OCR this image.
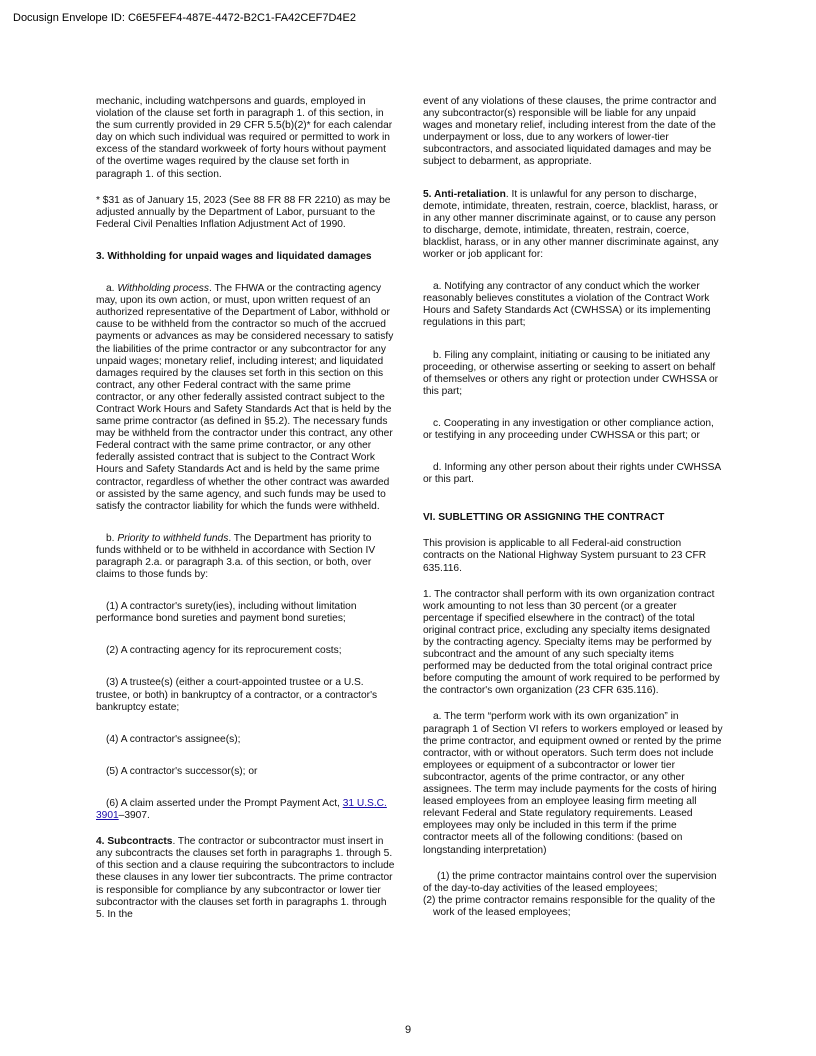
Docusign Envelope ID: C6E5FEF4-487E-4472-B2C1-FA42CEF7D4E2

mechanic, including watchpersons and guards, employed in violation of the clause set forth in paragraph 1. of this section, in the sum currently provided in 29 CFR 5.5(b)(2)* for each calendar day on which such individual was required or permitted to work in excess of the standard workweek of forty hours without payment of the overtime wages required by the clause set forth in paragraph 1. of this section.

* $31 as of January 15, 2023 (See 88 FR 88 FR 2210) as may be adjusted annually by the Department of Labor, pursuant to the Federal Civil Penalties Inflation Adjustment Act of 1990.

3. Withholding for unpaid wages and liquidated damages

a. Withholding process. The FHWA or the contracting agency may, upon its own action, or must, upon written request of an authorized representative of the Department of Labor, withhold or cause to be withheld from the contractor so much of the accrued payments or advances as may be considered necessary to satisfy the liabilities of the prime contractor or any subcontractor for any unpaid wages; monetary relief, including interest; and liquidated damages required by the clauses set forth in this section on this contract, any other Federal contract with the same prime contractor, or any other federally assisted contract subject to the Contract Work Hours and Safety Standards Act that is held by the same prime contractor (as defined in §5.2). The necessary funds may be withheld from the contractor under this contract, any other Federal contract with the same prime contractor, or any other federally assisted contract that is subject to the Contract Work Hours and Safety Standards Act and is held by the same prime contractor, regardless of whether the other contract was awarded or assisted by the same agency, and such funds may be used to satisfy the contractor liability for which the funds were withheld.

b. Priority to withheld funds. The Department has priority to funds withheld or to be withheld in accordance with Section IV paragraph 2.a. or paragraph 3.a. of this section, or both, over claims to those funds by:

(1) A contractor's surety(ies), including without limitation performance bond sureties and payment bond sureties;

(2) A contracting agency for its reprocurement costs;

(3) A trustee(s) (either a court-appointed trustee or a U.S. trustee, or both) in bankruptcy of a contractor, or a contractor's bankruptcy estate;

(4) A contractor's assignee(s);

(5) A contractor's successor(s); or

(6) A claim asserted under the Prompt Payment Act, 31 U.S.C. 3901–3907.

4. Subcontracts. The contractor or subcontractor must insert in any subcontracts the clauses set forth in paragraphs 1. through 5. of this section and a clause requiring the subcontractors to include these clauses in any lower tier subcontracts. The prime contractor is responsible for compliance by any subcontractor or lower tier subcontractor with the clauses set forth in paragraphs 1. through 5. In the

event of any violations of these clauses, the prime contractor and any subcontractor(s) responsible will be liable for any unpaid wages and monetary relief, including interest from the date of the underpayment or loss, due to any workers of lower-tier subcontractors, and associated liquidated damages and may be subject to debarment, as appropriate.

5. Anti-retaliation. It is unlawful for any person to discharge, demote, intimidate, threaten, restrain, coerce, blacklist, harass, or in any other manner discriminate against, or to cause any person to discharge, demote, intimidate, threaten, restrain, coerce, blacklist, harass, or in any other manner discriminate against, any worker or job applicant for:

a. Notifying any contractor of any conduct which the worker reasonably believes constitutes a violation of the Contract Work Hours and Safety Standards Act (CWHSSA) or its implementing regulations in this part;

b. Filing any complaint, initiating or causing to be initiated any proceeding, or otherwise asserting or seeking to assert on behalf of themselves or others any right or protection under CWHSSA or this part;

c. Cooperating in any investigation or other compliance action, or testifying in any proceeding under CWHSSA or this part; or

d. Informing any other person about their rights under CWHSSA or this part.

VI. SUBLETTING OR ASSIGNING THE CONTRACT

This provision is applicable to all Federal-aid construction contracts on the National Highway System pursuant to 23 CFR 635.116.

1. The contractor shall perform with its own organization contract work amounting to not less than 30 percent (or a greater percentage if specified elsewhere in the contract) of the total original contract price, excluding any specialty items designated by the contracting agency. Specialty items may be performed by subcontract and the amount of any such specialty items performed may be deducted from the total original contract price before computing the amount of work required to be performed by the contractor's own organization (23 CFR 635.116).

a. The term “perform work with its own organization” in paragraph 1 of Section VI refers to workers employed or leased by the prime contractor, and equipment owned or rented by the prime contractor, with or without operators. Such term does not include employees or equipment of a subcontractor or lower tier subcontractor, agents of the prime contractor, or any other assignees. The term may include payments for the costs of hiring leased employees from an employee leasing firm meeting all relevant Federal and State regulatory requirements. Leased employees may only be included in this term if the prime contractor meets all of the following conditions: (based on longstanding interpretation)

(1) the prime contractor maintains control over the supervision of the day-to-day activities of the leased employees;

(2) the prime contractor remains responsible for the quality of the work of the leased employees;

9
